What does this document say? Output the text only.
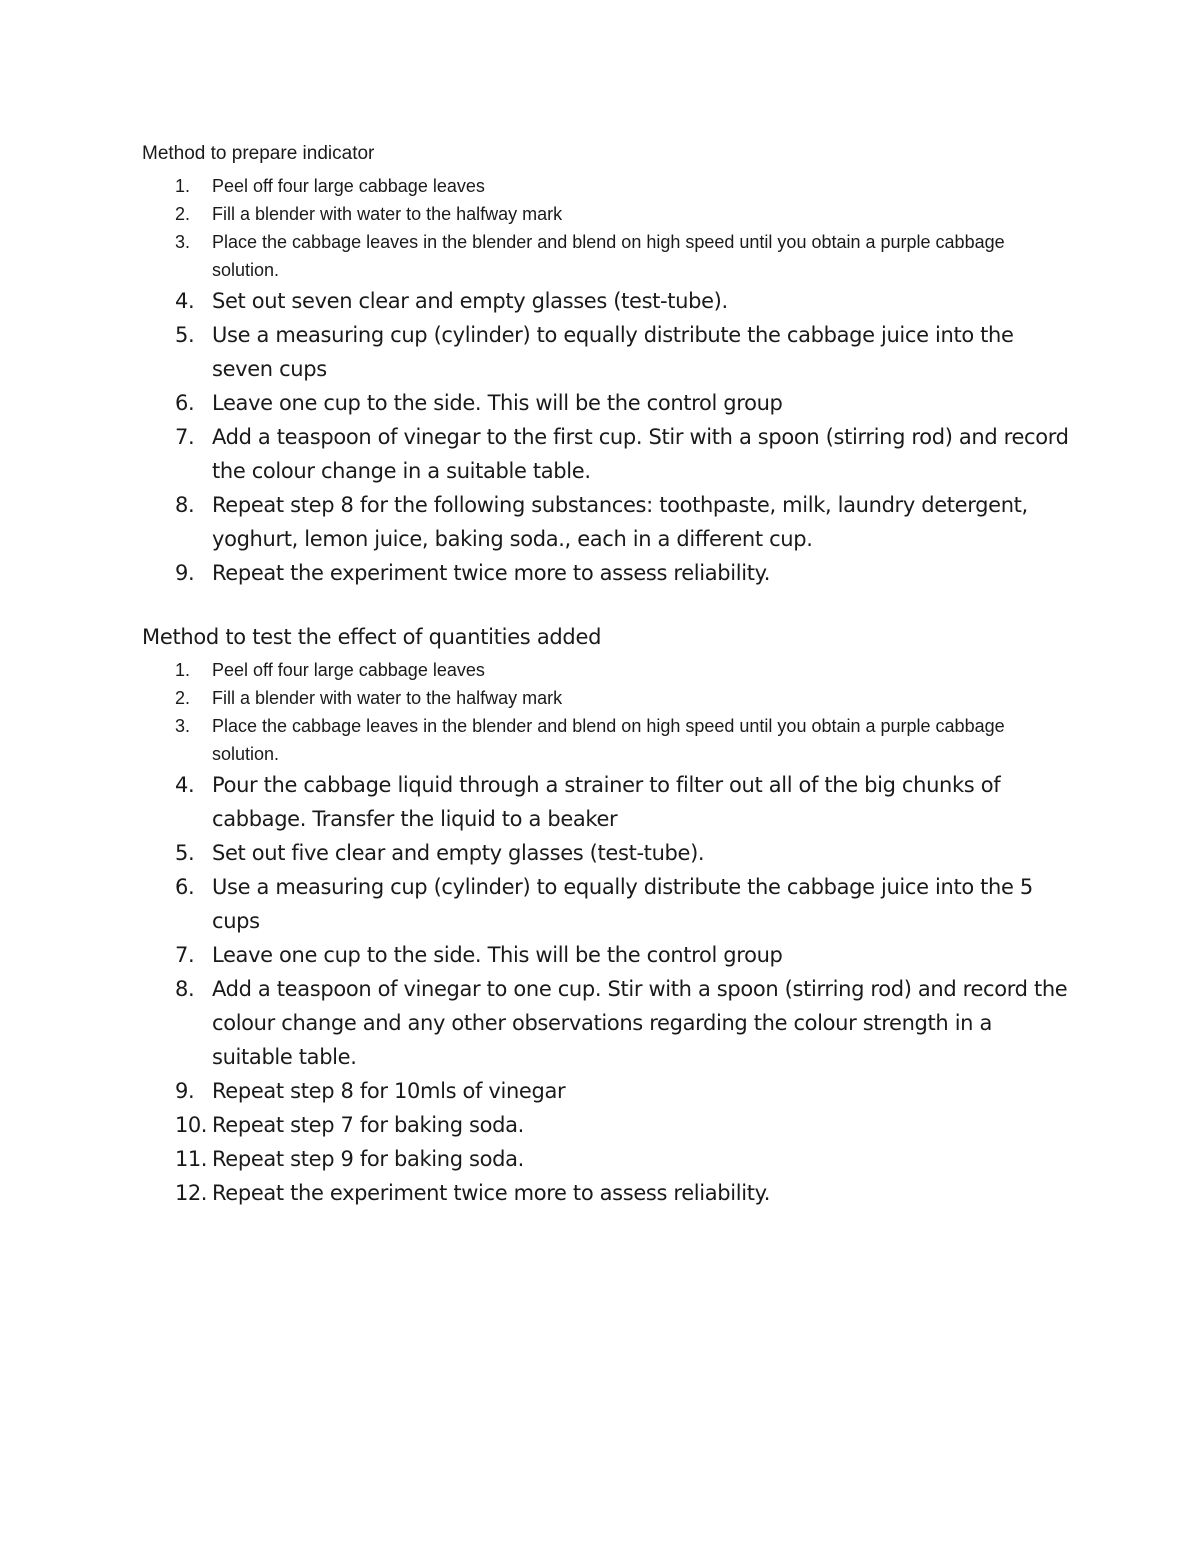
Method to prepare indicator
1. Peel off four large cabbage leaves
2. Fill a blender with water to the halfway mark
3. Place the cabbage leaves in the blender and blend on high speed until you obtain a purple cabbage solution.
4. Set out seven clear and empty glasses (test-tube).
5. Use a measuring cup (cylinder) to equally distribute the cabbage juice into the seven cups
6. Leave one cup to the side. This will be the control group
7. Add a teaspoon of vinegar to the first cup. Stir with a spoon (stirring rod) and record the colour change in a suitable table.
8. Repeat step 8 for the following substances: toothpaste, milk, laundry detergent, yoghurt, lemon juice, baking soda., each in a different cup.
9. Repeat the experiment twice more to assess reliability.
Method to test the effect of quantities added
1. Peel off four large cabbage leaves
2. Fill a blender with water to the halfway mark
3. Place the cabbage leaves in the blender and blend on high speed until you obtain a purple cabbage solution.
4. Pour the cabbage liquid through a strainer to filter out all of the big chunks of cabbage. Transfer the liquid to a beaker
5. Set out five clear and empty glasses (test-tube).
6. Use a measuring cup (cylinder) to equally distribute the cabbage juice into the 5 cups
7. Leave one cup to the side. This will be the control group
8. Add a teaspoon of vinegar to one cup. Stir with a spoon (stirring rod) and record the colour change and any other observations regarding the colour strength in a suitable table.
9. Repeat step 8 for 10mls of vinegar
10. Repeat step 7 for baking soda.
11. Repeat step 9 for baking soda.
12. Repeat the experiment twice more to assess reliability.
